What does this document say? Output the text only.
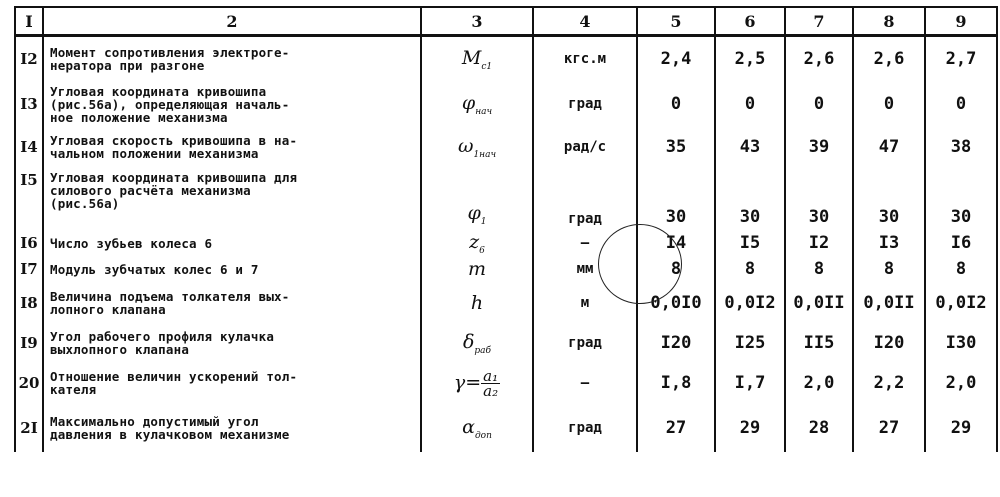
I	2	3	4	5	6	7	8	9
I2	Момент сопротивления электроге-
нератора при разгоне	$M_{c1}$	кгс.м	2,4	2,5	2,6	2,6	2,7
I3	Угловая координата кривошипа
(рис.56а), определяющая началь-
ное положение механизма	$\varphi_{нач}$	град	0	0	0	0	0
I4	Угловая скорость кривошипа в на-
чальном положении механизма	$\omega_{1нач}$	рад/с	35	43	39	47	38
I5	Угловая координата кривошипа для
силового расчёта механизма
(рис.56а)	$\varphi_1$	град	30	30	30	30	30
I6	Число зубьев колеса 6	$z_6$	–	I4	I5	I2	I3	I6
I7	Модуль зубчатых колес 6 и 7	m	мм	8	8	8	8	8
I8	Величина подъема толкателя вых-
лопного клапана	h	м	0,0I0	0,0I2	0,0II	0,0II	0,0I2
I9	Угол рабочего профиля кулачка
выхлопного клапана	$\delta_{раб}$	град	I20	I25	II5	I20	I30
20	Отношение величин ускорений тол-
кателя	$\gamma= \frac{\text{a₁}}{\text{a₂}}$	–	I,8	I,7	2,0	2,2	2,0
2I	Максимально допустимый угол
давления в кулачковом механизме	$\alpha_{доп}$	град	27	29	28	27	29
